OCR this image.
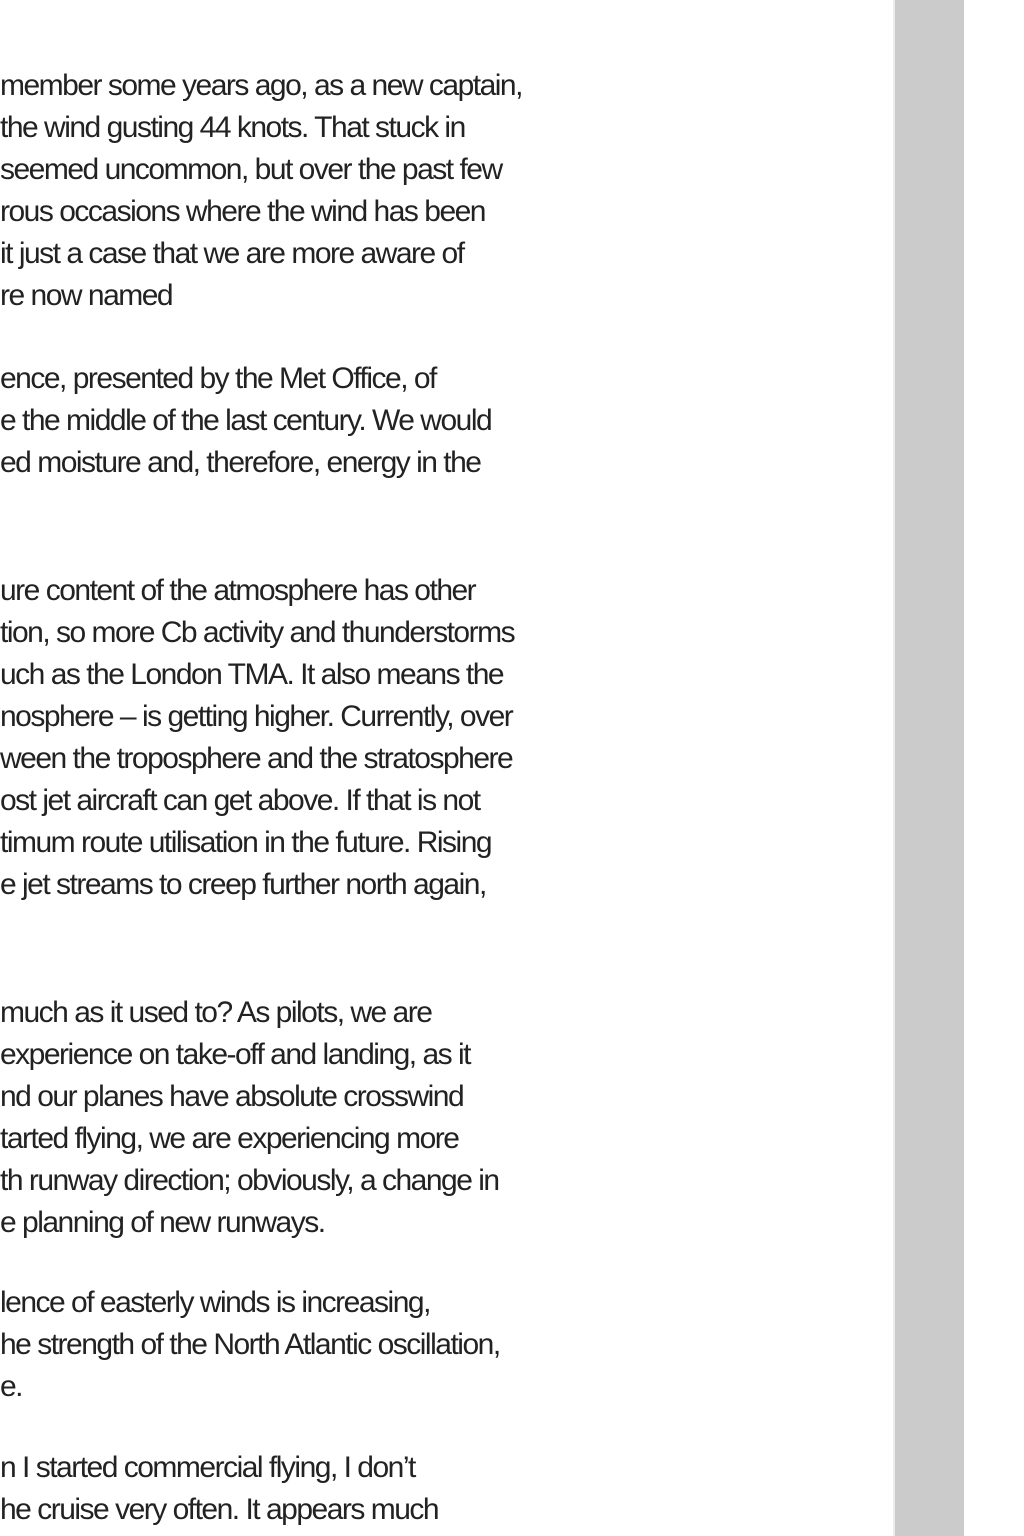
member some years ago, as a new captain,
the wind gusting 44 knots. That stuck in
seemed uncommon, but over the past few
rous occasions where the wind has been
it just a case that we are more aware of
re now named
ence, presented by the Met Office, of
e the middle of the last century. We would
ed moisture and, therefore, energy in the
ure content of the atmosphere has other
tion, so more Cb activity and thunderstorms
uch as the London TMA. It also means the
nosphere – is getting higher. Currently, over
ween the troposphere and the stratosphere
ost jet aircraft can get above. If that is not
timum route utilisation in the future. Rising
e jet streams to creep further north again,
much as it used to? As pilots, we are
experience on take-off and landing, as it
nd our planes have absolute crosswind
tarted flying, we are experiencing more
th runway direction; obviously, a change in
e planning of new runways.
lence of easterly winds is increasing,
he strength of the North Atlantic oscillation,
e.
n I started commercial flying, I don’t
he cruise very often. It appears much
